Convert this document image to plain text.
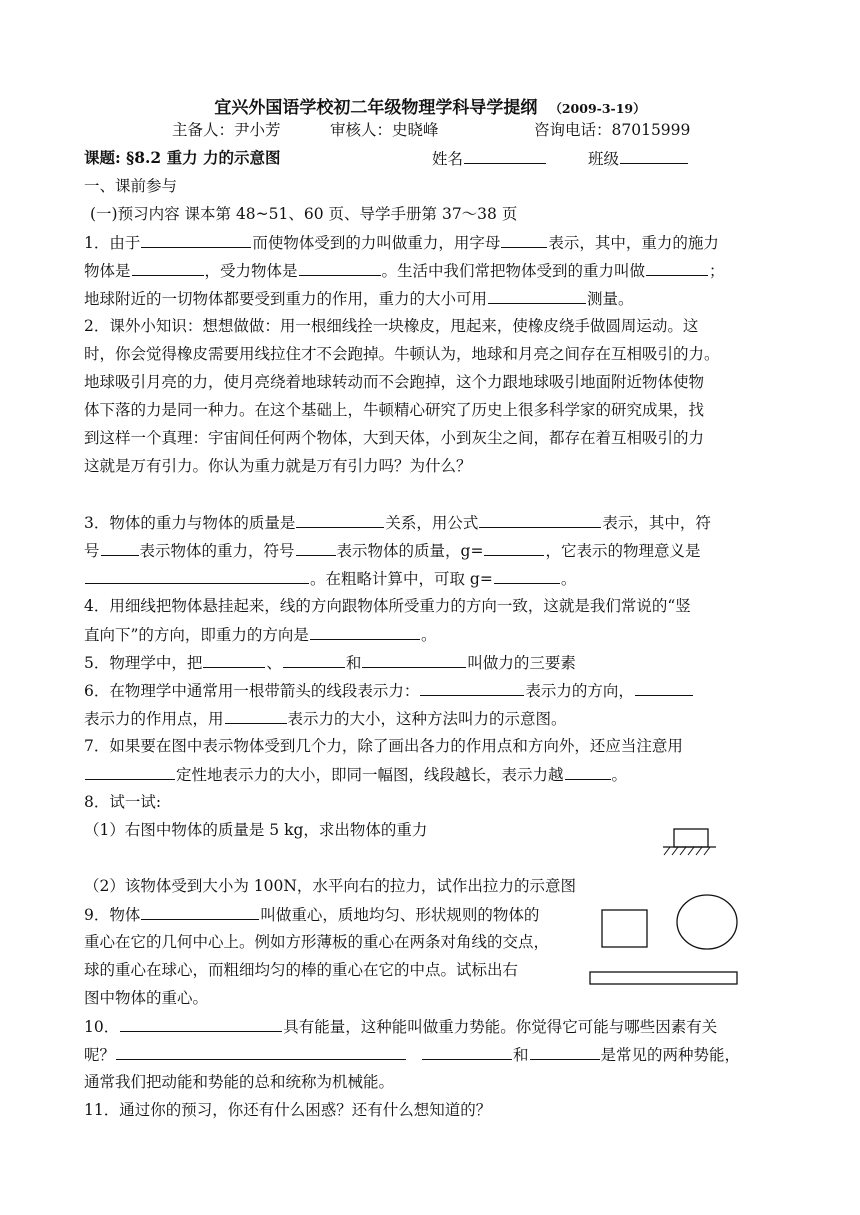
宜兴外国语学校初二年级物理学科导学提纲 （2009-3-19）
主备人：尹小芳	审核人：史晓峰	咨询电话：87015999
课题: §8.2 重力 力的示意图	姓名	班级
一、课前参与
(一)预习内容 课本第 48~51、60 页、导学手册第 37～38 页
1．由于	而使物体受到的力叫做重力，用字母	表示，其中，重力的施力
物体是	，受力物体是	。生活中我们常把物体受到的重力叫做	；
地球附近的一切物体都要受到重力的作用，重力的大小可用	测量。
2．课外小知识：想想做做：用一根细线拴一块橡皮，甩起来，使橡皮绕手做圆周运动。这
时，你会觉得橡皮需要用线拉住才不会跑掉。牛顿认为，地球和月亮之间存在互相吸引的力。
地球吸引月亮的力，使月亮绕着地球转动而不会跑掉，这个力跟地球吸引地面附近物体使物
体下落的力是同一种力。在这个基础上，牛顿精心研究了历史上很多科学家的研究成果，找
到这样一个真理：宇宙间任何两个物体，大到天体，小到灰尘之间，都存在着互相吸引的力
这就是万有引力。你认为重力就是万有引力吗？为什么？
3．物体的重力与物体的质量是	关系，用公式	表示，其中，符
号	表示物体的重力，符号	表示物体的质量，g=	，它表示的物理意义是
。在粗略计算中，可取 g=	。
4．用细线把物体悬挂起来，线的方向跟物体所受重力的方向一致，这就是我们常说的“竖
直向下”的方向，即重力的方向是	。
5．物理学中，把	、	和	叫做力的三要素
6．在物理学中通常用一根带箭头的线段表示力：	表示力的方向，
表示力的作用点，用	表示力的大小，这种方法叫力的示意图。
7．如果要在图中表示物体受到几个力，除了画出各力的作用点和方向外，还应当注意用
定性地表示力的大小，即同一幅图，线段越长，表示力越	。
8．试一试:
（1）右图中物体的质量是 5 kg，求出物体的重力
（2）该物体受到大小为 100N，水平向右的拉力，试作出拉力的示意图
9．物体	叫做重心，质地均匀、形状规则的物体的
重心在它的几何中心上。例如方形薄板的重心在两条对角线的交点，
球的重心在球心，而粗细均匀的棒的重心在它的中点。试标出右
图中物体的重心。
10．	具有能量，这种能叫做重力势能。你觉得它可能与哪些因素有关
呢？	和	是常见的两种势能，
通常我们把动能和势能的总和统称为机械能。
11．通过你的预习，你还有什么困惑？还有什么想知道的？
